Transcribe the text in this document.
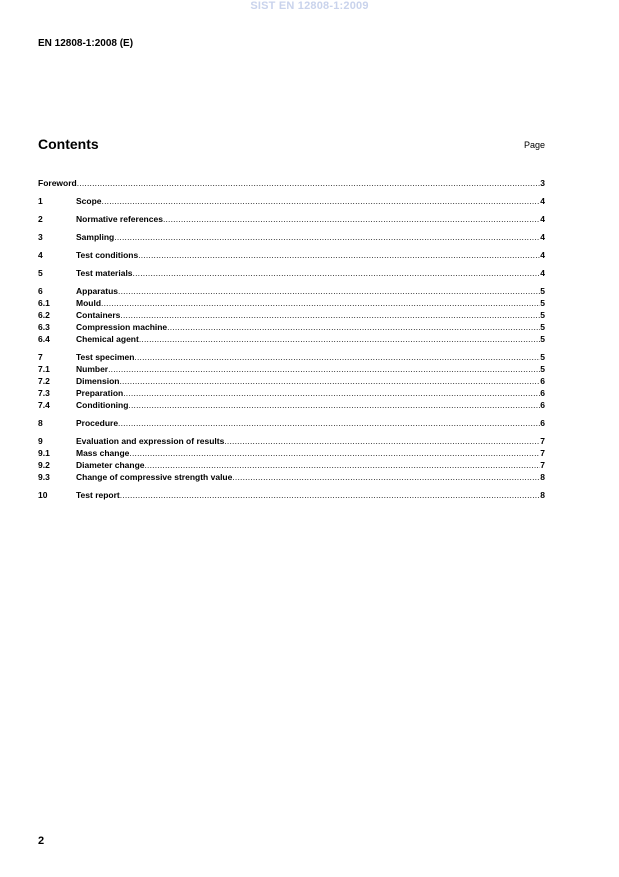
SIST EN 12808-1:2009
EN 12808-1:2008 (E)
Contents	Page
Foreword .....	3
1	Scope .....	4
2	Normative references .....	4
3	Sampling .....	4
4	Test conditions .....	4
5	Test materials .....	4
6	Apparatus .....	5
6.1	Mould .....	5
6.2	Containers .....	5
6.3	Compression machine .....	5
6.4	Chemical agent .....	5
7	Test specimen .....	5
7.1	Number .....	5
7.2	Dimension .....	6
7.3	Preparation .....	6
7.4	Conditioning .....	6
8	Procedure .....	6
9	Evaluation and expression of results .....	7
9.1	Mass change .....	7
9.2	Diameter change .....	7
9.3	Change of compressive strength value .....	8
10	Test report .....	8
2
